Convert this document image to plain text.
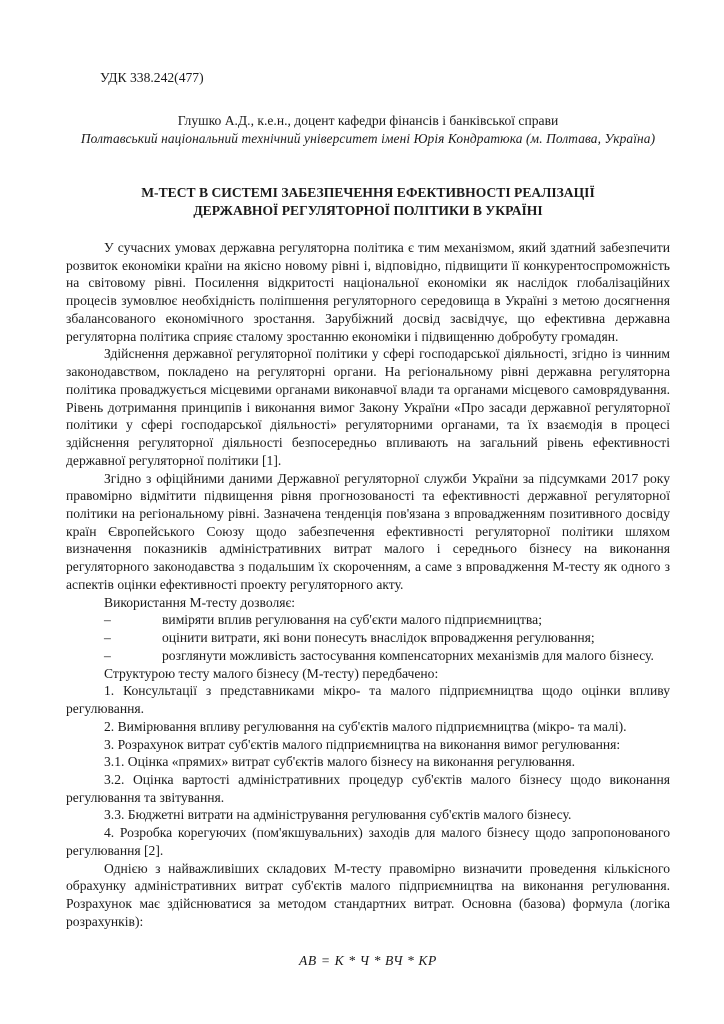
УДК 338.242(477)

Глушко А.Д., к.е.н., доцент кафедри фінансів і банківської справи

Полтавський національний технічний університет імені Юрія Кондратюка (м. Полтава, Україна)

М-ТЕСТ В СИСТЕМІ ЗАБЕЗПЕЧЕННЯ ЕФЕКТИВНОСТІ РЕАЛІЗАЦІЇ
ДЕРЖАВНОЇ РЕГУЛЯТОРНОЇ ПОЛІТИКИ В УКРАЇНІ

У сучасних умовах державна регуляторна політика є тим механізмом, який здатний забезпечити розвиток економіки країни на якісно новому рівні і, відповідно, підвищити її конкурентоспроможність на світовому рівні. Посилення відкритості національної економіки як наслідок глобалізаційних процесів зумовлює необхідність поліпшення регуляторного середовища в Україні з метою досягнення збалансованого економічного зростання. Зарубіжний досвід засвідчує, що ефективна державна регуляторна політика сприяє сталому зростанню економіки і підвищенню добробуту громадян.

Здійснення державної регуляторної політики у сфері господарської діяльності, згідно із чинним законодавством, покладено на регуляторні органи. На регіональному рівні державна регуляторна політика проваджується місцевими органами виконавчої влади та органами місцевого самоврядування. Рівень дотримання принципів і виконання вимог Закону України «Про засади державної регуляторної політики у сфері господарської діяльності» регуляторними органами, та їх взаємодія в процесі здійснення регуляторної діяльності безпосередньо впливають на загальний рівень ефективності державної регуляторної політики [1].

Згідно з офіційними даними Державної регуляторної служби України за підсумками 2017 року правомірно відмітити підвищення рівня прогнозованості та ефективності державної регуляторної політики на регіональному рівні. Зазначена тенденція пов'язана з впровадженням позитивного досвіду країн Європейського Союзу щодо забезпечення ефективності регуляторної політики шляхом визначення показників адміністративних витрат малого і середнього бізнесу на виконання регуляторного законодавства з подальшим їх скороченням, а саме з впровадження М-тесту як одного з аспектів оцінки ефективності проекту регуляторного акту.

Використання М-тесту дозволяє:

–	виміряти вплив регулювання на суб'єкти малого підприємництва;
–	оцінити витрати, які вони понесуть внаслідок впровадження регулювання;
–	розглянути можливість застосування компенсаторних механізмів для малого бізнесу.

Структурою тесту малого бізнесу (М-тесту) передбачено:

1. Консультації з представниками мікро- та малого підприємництва щодо оцінки впливу регулювання.

2. Вимірювання впливу регулювання на суб'єктів малого підприємництва (мікро- та малі).

3. Розрахунок витрат суб'єктів малого підприємництва на виконання вимог регулювання:

3.1. Оцінка «прямих» витрат суб'єктів малого бізнесу на виконання регулювання.

3.2. Оцінка вартості адміністративних процедур суб'єктів малого бізнесу щодо виконання регулювання та звітування.

3.3. Бюджетні витрати на адміністрування регулювання суб'єктів малого бізнесу.

4. Розробка корегуючих (пом'якшувальних) заходів для малого бізнесу щодо запропонованого регулювання [2].

Однією з найважливіших складових М-тесту правомірно визначити проведення кількісного обрахунку адміністративних витрат суб'єктів малого підприємництва на виконання регулювання. Розрахунок має здійснюватися за методом стандартних витрат. Основна (базова) формула (логіка розрахунків):

АВ = К * Ч * ВЧ * КР
